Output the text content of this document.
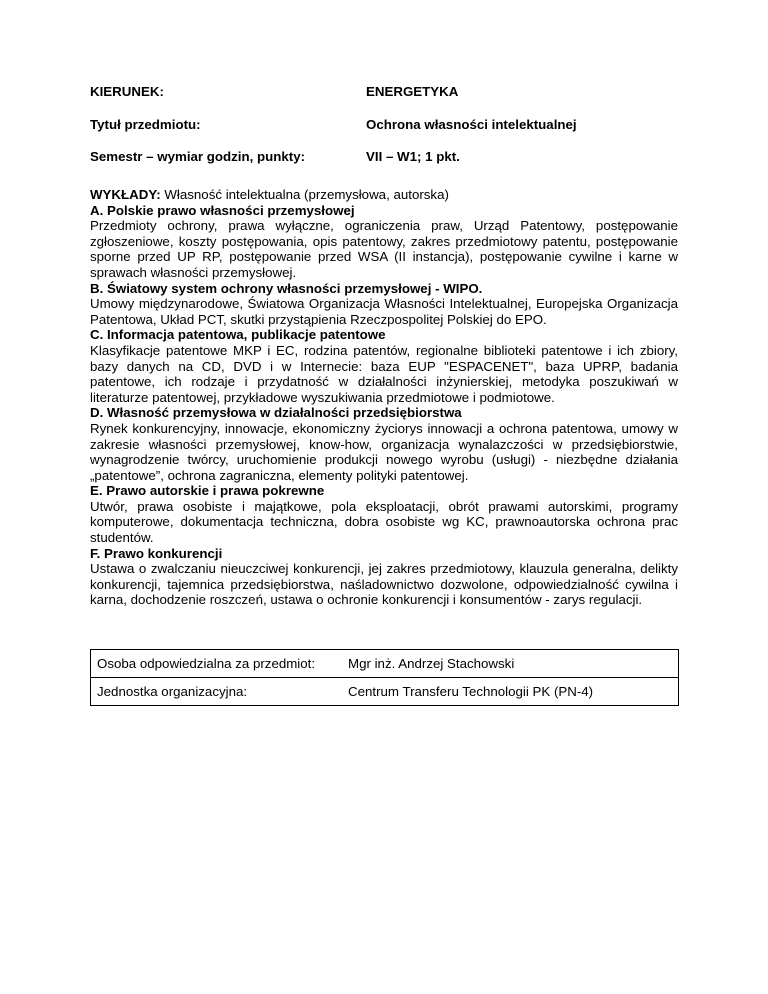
KIERUNEK:	ENERGETYKA
Tytuł przedmiotu:	Ochrona własności intelektualnej
Semestr – wymiar godzin, punkty:	VII – W1; 1 pkt.

WYKŁADY: Własność intelektualna (przemysłowa, autorska)

A. Polskie prawo własności przemysłowej

Przedmioty ochrony, prawa wyłączne, ograniczenia praw, Urząd Patentowy, postępowanie zgłoszeniowe, koszty postępowania, opis patentowy, zakres przedmiotowy patentu, postępowanie sporne przed UP RP, postępowanie przed WSA (II instancja), postępowanie cywilne i karne w sprawach własności przemysłowej.

B. Światowy system ochrony własności przemysłowej - WIPO.

Umowy międzynarodowe, Światowa Organizacja Własności Intelektualnej, Europejska Organizacja Patentowa, Układ PCT, skutki przystąpienia Rzeczpospolitej Polskiej do EPO.

C. Informacja patentowa, publikacje patentowe

Klasyfikacje patentowe MKP i EC, rodzina patentów, regionalne biblioteki patentowe i ich zbiory, bazy danych na CD, DVD i w Internecie: baza EUP "ESPACENET", baza UPRP, badania patentowe, ich rodzaje i przydatność w działalności inżynierskiej, metodyka poszukiwań w literaturze patentowej, przykładowe wyszukiwania przedmiotowe i podmiotowe.

D. Własność przemysłowa w działalności przedsiębiorstwa

Rynek konkurencyjny, innowacje, ekonomiczny życiorys innowacji a ochrona patentowa, umowy w zakresie własności przemysłowej, know-how, organizacja wynalazczości w przedsiębiorstwie, wynagrodzenie twórcy, uruchomienie produkcji nowego wyrobu (usługi) - niezbędne działania „patentowe”, ochrona zagraniczna, elementy polityki patentowej.

E. Prawo autorskie i prawa pokrewne

Utwór, prawa osobiste i majątkowe, pola eksploatacji, obrót prawami autorskimi, programy komputerowe, dokumentacja techniczna, dobra osobiste wg KC, prawnoautorska ochrona prac studentów.

F. Prawo konkurencji

Ustawa o zwalczaniu nieuczciwej konkurencji, jej zakres przedmiotowy, klauzula generalna, delikty konkurencji, tajemnica przedsiębiorstwa, naśladownictwo dozwolone, odpowiedzialność cywilna i karna, dochodzenie roszczeń, ustawa o ochronie konkurencji i konsumentów - zarys regulacji.

Osoba odpowiedzialna za przedmiot:	Mgr inż. Andrzej Stachowski
Jednostka organizacyjna:	Centrum Transferu Technologii PK (PN-4)
